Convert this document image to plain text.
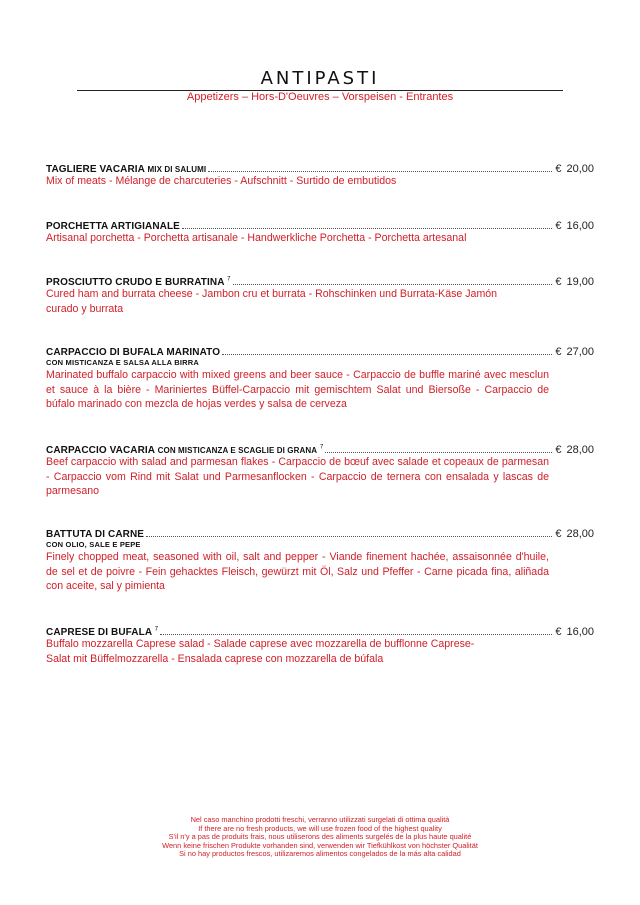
ANTIPASTI
Appetizers – Hors-D'Oeuvres – Vorspeisen - Entrantes
TAGLIERE VACARIA MIX DI SALUMI	€ 20,00
Mix of meats - Mélange de charcuteries - Aufschnitt - Surtido de embutidos
PORCHETTA ARTIGIANALE	€ 16,00
Artisanal porchetta - Porchetta artisanale - Handwerkliche Porchetta - Porchetta artesanal
PROSCIUTTO CRUDO E BURRATINA $^7$	€ 19,00
Cured ham and burrata cheese - Jambon cru et burrata - Rohschinken und Burrata-Käse Jamón curado y burrata
CARPACCIO DI BUFALA MARINATO	€ 27,00
CON MISTICANZA E SALSA ALLA BIRRA
Marinated buffalo carpaccio with mixed greens and beer sauce - Carpaccio de buffle mariné avec mesclun et sauce à la bière - Mariniertes Büffel-Carpaccio mit gemischtem Salat und Biersoße - Carpaccio de búfalo marinado con mezcla de hojas verdes y salsa de cerveza
CARPACCIO VACARIA CON MISTICANZA E SCAGLIE DI GRANA $^7$	€ 28,00
Beef carpaccio with salad and parmesan flakes - Carpaccio de bœuf avec salade et copeaux de parmesan - Carpaccio vom Rind mit Salat und Parmesanflocken - Carpaccio de ternera con ensalada y lascas de parmesano
BATTUTA DI CARNE	€ 28,00
CON OLIO, SALE E PEPE
Finely chopped meat, seasoned with oil, salt and pepper - Viande finement hachée, assaisonnée d'huile, de sel et de poivre - Fein gehacktes Fleisch, gewürzt mit Öl, Salz und Pfeffer - Carne picada fina, aliñada con aceite, sal y pimienta
CAPRESE DI BUFALA $^7$	€ 16,00
Buffalo mozzarella Caprese salad - Salade caprese avec mozzarella de bufflonne Caprese-Salat mit Büffelmozzarella - Ensalada caprese con mozzarella de búfala
Nel caso manchino prodotti freschi, verranno utilizzati surgelati di ottima qualità
If there are no fresh products, we will use frozen food of the highest quality
S'il n'y a pas de produits frais, nous utiliserons des aliments surgelés de la plus haute qualité
Wenn keine frischen Produkte vorhanden sind, verwenden wir Tiefkühlkost von höchster Qualität
Si no hay productos frescos, utilizaremos alimentos congelados de la más alta calidad
